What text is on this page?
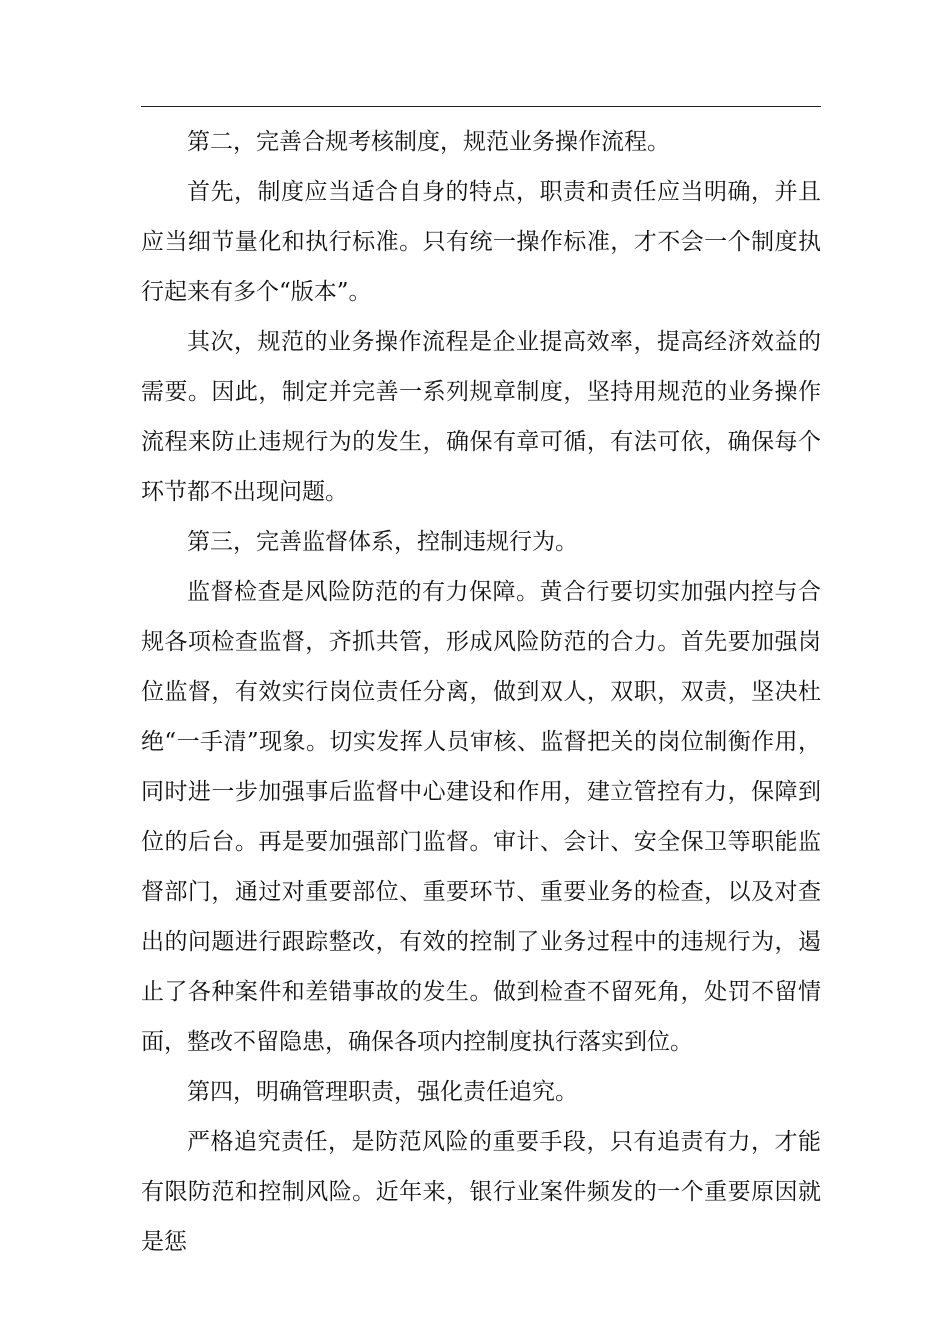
第二，完善合规考核制度，规范业务操作流程。

首先，制度应当适合自身的特点，职责和责任应当明确，并且应当细节量化和执行标准。只有统一操作标准，才不会一个制度执行起来有多个“版本”。

其次，规范的业务操作流程是企业提高效率，提高经济效益的需要。因此，制定并完善一系列规章制度，坚持用规范的业务操作流程来防止违规行为的发生，确保有章可循，有法可依，确保每个环节都不出现问题。

第三，完善监督体系，控制违规行为。

监督检查是风险防范的有力保障。黄合行要切实加强内控与合规各项检查监督，齐抓共管，形成风险防范的合力。首先要加强岗位监督，有效实行岗位责任分离，做到双人，双职，双责，坚决杜绝“一手清”现象。切实发挥人员审核、监督把关的岗位制衡作用，同时进一步加强事后监督中心建设和作用，建立管控有力，保障到位的后台。再是要加强部门监督。审计、会计、安全保卫等职能监督部门，通过对重要部位、重要环节、重要业务的检查，以及对查出的问题进行跟踪整改，有效的控制了业务过程中的违规行为，遏止了各种案件和差错事故的发生。做到检查不留死角，处罚不留情面，整改不留隐患，确保各项内控制度执行落实到位。

第四，明确管理职责，强化责任追究。

严格追究责任，是防范风险的重要手段，只有追责有力，才能有限防范和控制风险。近年来，银行业案件频发的一个重要原因就是惩
